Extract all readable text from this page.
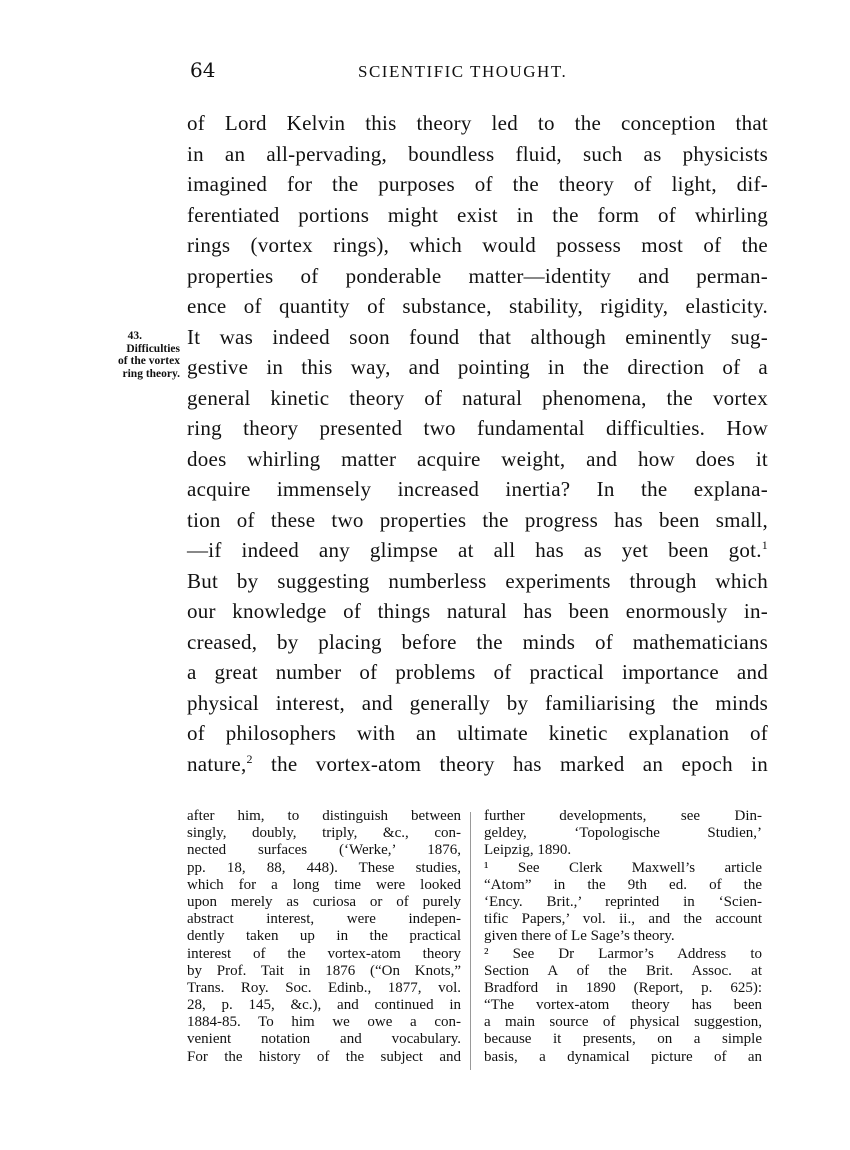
64	SCIENTIFIC THOUGHT.
43.
Difficulties
of the vortex
ring theory.
of Lord Kelvin this theory led to the conception that
in an all-pervading, boundless fluid, such as physicists
imagined for the purposes of the theory of light, dif-
ferentiated portions might exist in the form of whirling
rings (vortex rings), which would possess most of the
properties of ponderable matter—identity and perman-
ence of quantity of substance, stability, rigidity, elasticity.
It was indeed soon found that although eminently sug-
gestive in this way, and pointing in the direction of a
general kinetic theory of natural phenomena, the vortex
ring theory presented two fundamental difficulties. How
does whirling matter acquire weight, and how does it
acquire immensely increased inertia? In the explana-
tion of these two properties the progress has been small,
—if indeed any glimpse at all has as yet been got.$^1$
But by suggesting numberless experiments through which
our knowledge of things natural has been enormously in-
creased, by placing before the minds of mathematicians
a great number of problems of practical importance and
physical interest, and generally by familiarising the minds
of philosophers with an ultimate kinetic explanation of
nature,$^2$ the vortex-atom theory has marked an epoch in
after him, to distinguish between
singly, doubly, triply, &c., con-
nected surfaces (‘Werke,’ 1876,
pp. 18, 88, 448). These studies,
which for a long time were looked
upon merely as curiosa or of purely
abstract interest, were indepen-
dently taken up in the practical
interest of the vortex-atom theory
by Prof. Tait in 1876 (“On Knots,”
Trans. Roy. Soc. Edinb., 1877, vol.
28, p. 145, &c.), and continued in
1884-85. To him we owe a con-
venient notation and vocabulary.
For the history of the subject and
further developments, see Din-
geldey, ‘Topologische Studien,’
Leipzig, 1890.
¹ See Clerk Maxwell’s article
“Atom” in the 9th ed. of the
‘Ency. Brit.,’ reprinted in ‘Scien-
tific Papers,’ vol. ii., and the account
given there of Le Sage’s theory.
² See Dr Larmor’s Address to
Section A of the Brit. Assoc. at
Bradford in 1890 (Report, p. 625):
“The vortex-atom theory has been
a main source of physical suggestion,
because it presents, on a simple
basis, a dynamical picture of an
